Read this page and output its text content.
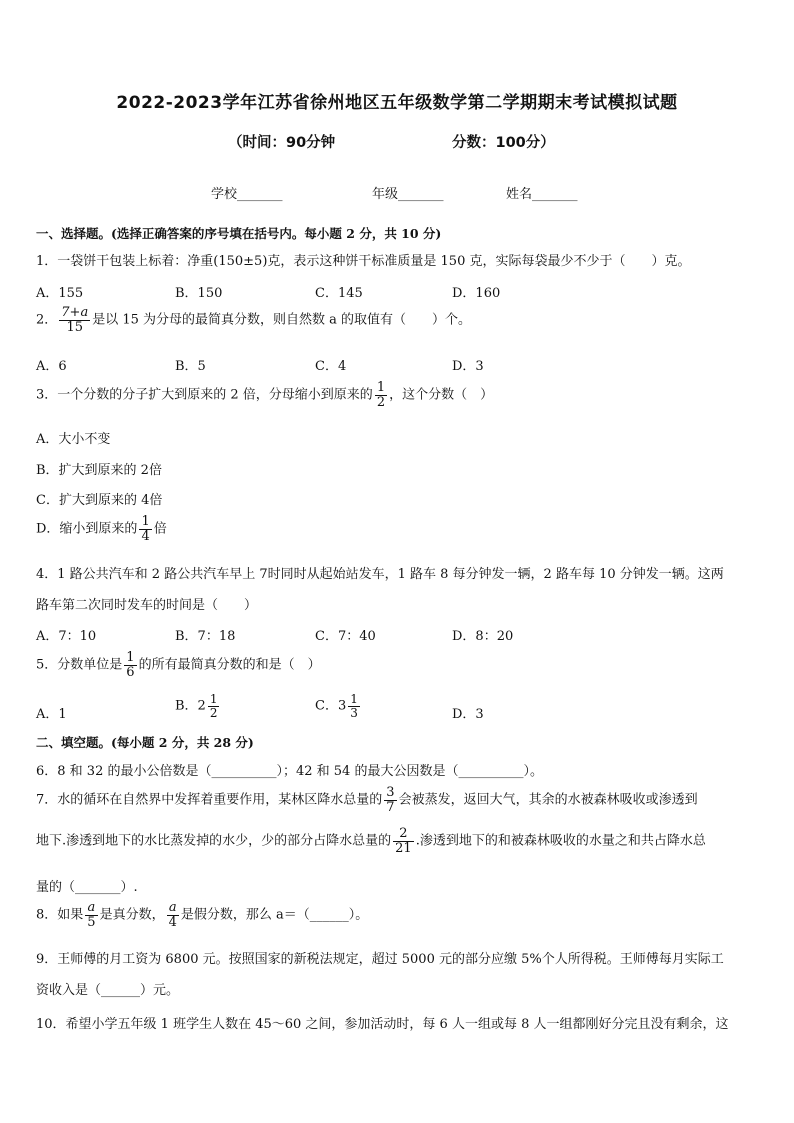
2022-2023学年江苏省徐州地区五年级数学第二学期期末考试模拟试题
（时间：90分钟	分数：100分）
学校_______	年级_______	姓名_______
一、选择题。(选择正确答案的序号填在括号内。每小题 2 分，共 10 分)
1．一袋饼干包装上标着：净重(150±5)克，表示这种饼干标准质量是 150 克，实际每袋最少不少于（　　）克。
A．155	B．150	C．145	D．160
2． $\frac{7+a}{15}$ 是以 15 为分母的最简真分数，则自然数 a 的取值有（　　）个。
A．6	B．5	C．4	D．3
3．一个分数的分子扩大到原来的 2 倍，分母缩小到原来的 $\frac{1}{2}$ ，这个分数（　）
A．大小不变
B．扩大到原来的 2倍
C．扩大到原来的 4倍
D．缩小到原来的 $\frac{1}{4}$ 倍
4．1 路公共汽车和 2 路公共汽车早上 7时同时从起始站发车，1 路车 8 每分钟发一辆，2 路车每 10 分钟发一辆。这两
路车第二次同时发车的时间是（　　）
A．7：10	B．7：18	C．7：40	D．8：20
5．分数单位是 $\frac{1}{6}$ 的所有最简真分数的和是（　）
A．1
B．$2 \frac{1}{2}$	C．$3 \frac{1}{3}$	D．3
二、填空题。(每小题 2 分，共 28 分)
6．8 和 32 的最小公倍数是（__________）；42 和 54 的最大公因数是（__________）。
7．水的循环在自然界中发挥着重要作用，某林区降水总量的 $\frac{3}{7}$ 会被蒸发，返回大气，其余的水被森林吸收或渗透到
地下.渗透到地下的水比蒸发掉的水少，少的部分占降水总量的 $\frac{2}{21}$ .渗透到地下的和被森林吸收的水量之和共占降水总
量的（_______）.
8．如果 $\frac{a}{5}$ 是真分数， $\frac{a}{4}$ 是假分数，那么 a＝（______）。
9．王师傅的月工资为 6800 元。按照国家的新税法规定，超过 5000 元的部分应缴 5%个人所得税。王师傅每月实际工
资收入是（______）元。
10．希望小学五年级 1 班学生人数在 45～60 之间，参加活动时，每 6 人一组或每 8 人一组都刚好分完且没有剩余，这
